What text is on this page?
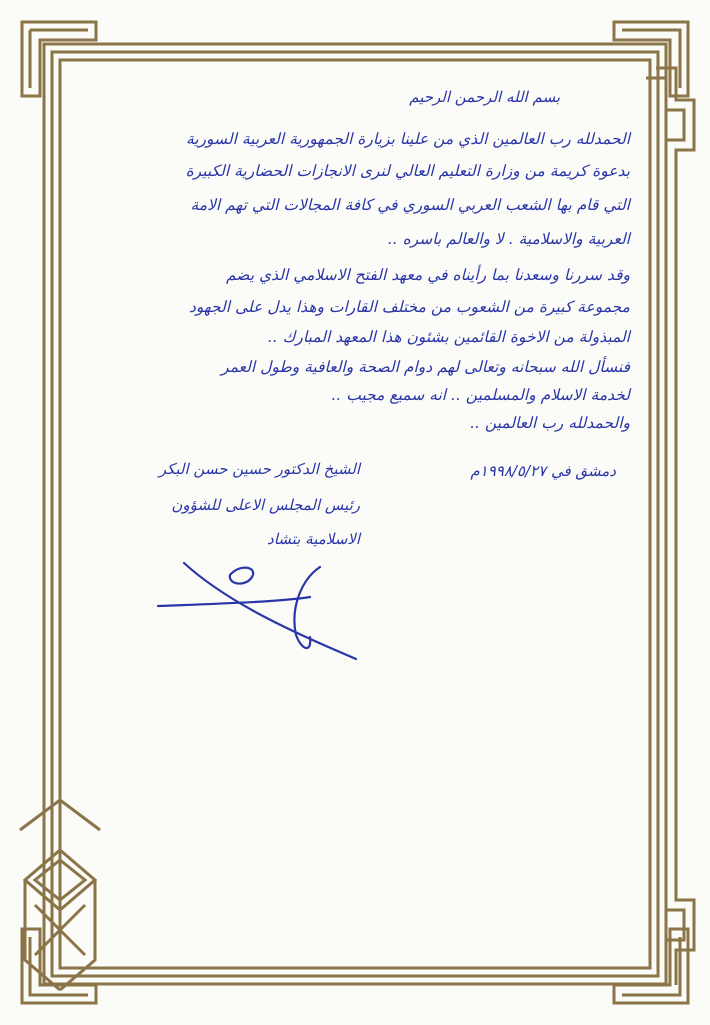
بسم الله الرحمن الرحيم
الحمدلله رب العالمين الذي من علينا بزيارة الجمهورية العربية السورية
بدعوة كريمة من وزارة التعليم العالي لنرى الانجازات الحضارية الكبيرة
التي قام بها الشعب العربي السوري في كافة المجالات التي تهم الامة
العربية والاسلامية . لا والعالم باسره ..
وقد سررنا وسعدنا بما رأيناه في معهد الفتح الاسلامي الذي يضم
مجموعة كبيرة من الشعوب من مختلف القارات وهذا يدل على الجهود
المبذولة من الاخوة القائمين بشئون هذا المعهد المبارك ..
فنسأل الله سبحانه وتعالى لهم دوام الصحة والعافية وطول العمر
لخدمة الاسلام والمسلمين .. انه سميع مجيب ..
والحمدلله رب العالمين ..
دمشق في ١٩٩٨/٥/٢٧م
الشيخ الدكتور حسين حسن البكر
رئيس المجلس الاعلى للشؤون
الاسلامية بتشاد
